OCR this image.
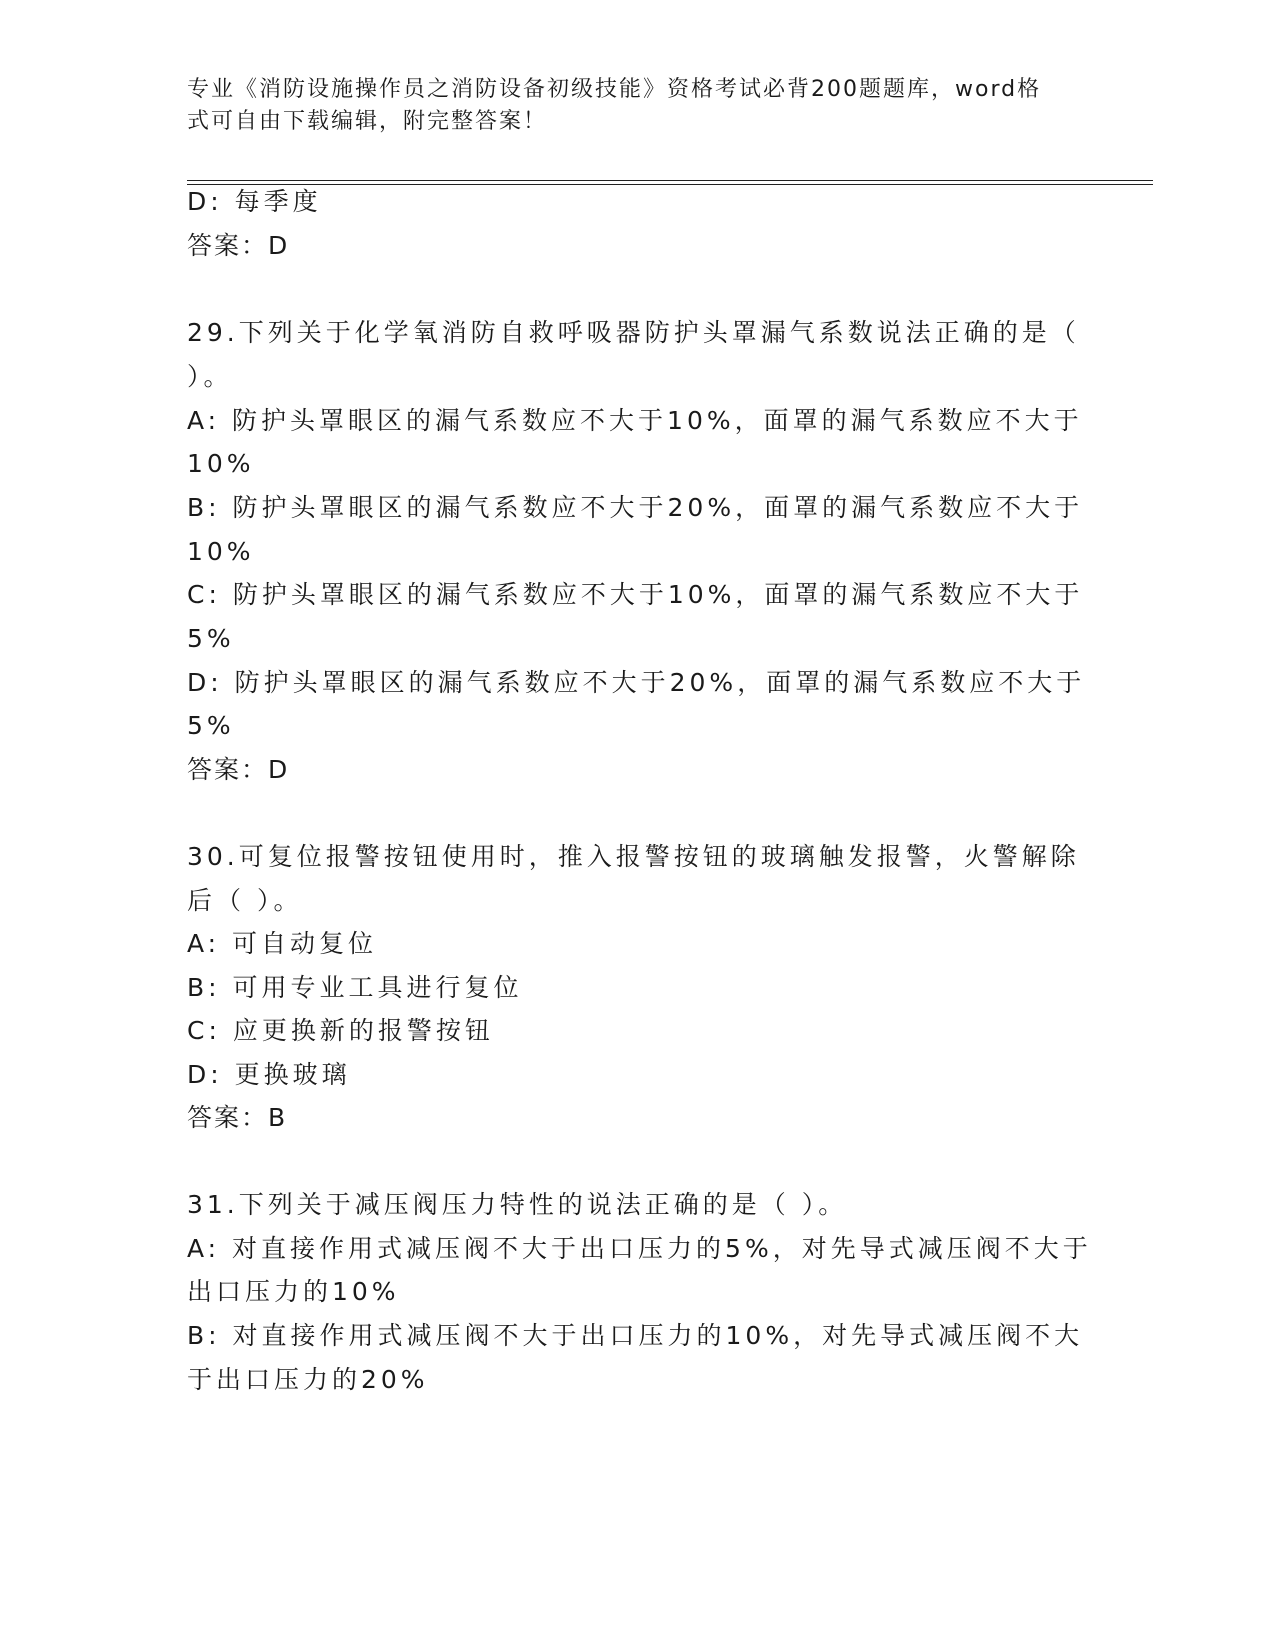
专业《消防设施操作员之消防设备初级技能》资格考试必背200题题库，word格
式可自由下载编辑，附完整答案！
D: 每季度
答案：D
29.下列关于化学氧消防自救呼吸器防护头罩漏气系数说法正确的是（
）。
A: 防护头罩眼区的漏气系数应不大于10%，面罩的漏气系数应不大于
10%
B: 防护头罩眼区的漏气系数应不大于20%，面罩的漏气系数应不大于
10%
C: 防护头罩眼区的漏气系数应不大于10%，面罩的漏气系数应不大于
5%
D: 防护头罩眼区的漏气系数应不大于20%，面罩的漏气系数应不大于
5%
答案：D
30.可复位报警按钮使用时，推入报警按钮的玻璃触发报警，火警解除
后（ ）。
A: 可自动复位
B: 可用专业工具进行复位
C: 应更换新的报警按钮
D: 更换玻璃
答案：B
31.下列关于减压阀压力特性的说法正确的是（ ）。
A: 对直接作用式减压阀不大于出口压力的5%，对先导式减压阀不大于
出口压力的10%
B: 对直接作用式减压阀不大于出口压力的10%，对先导式减压阀不大
于出口压力的20%
